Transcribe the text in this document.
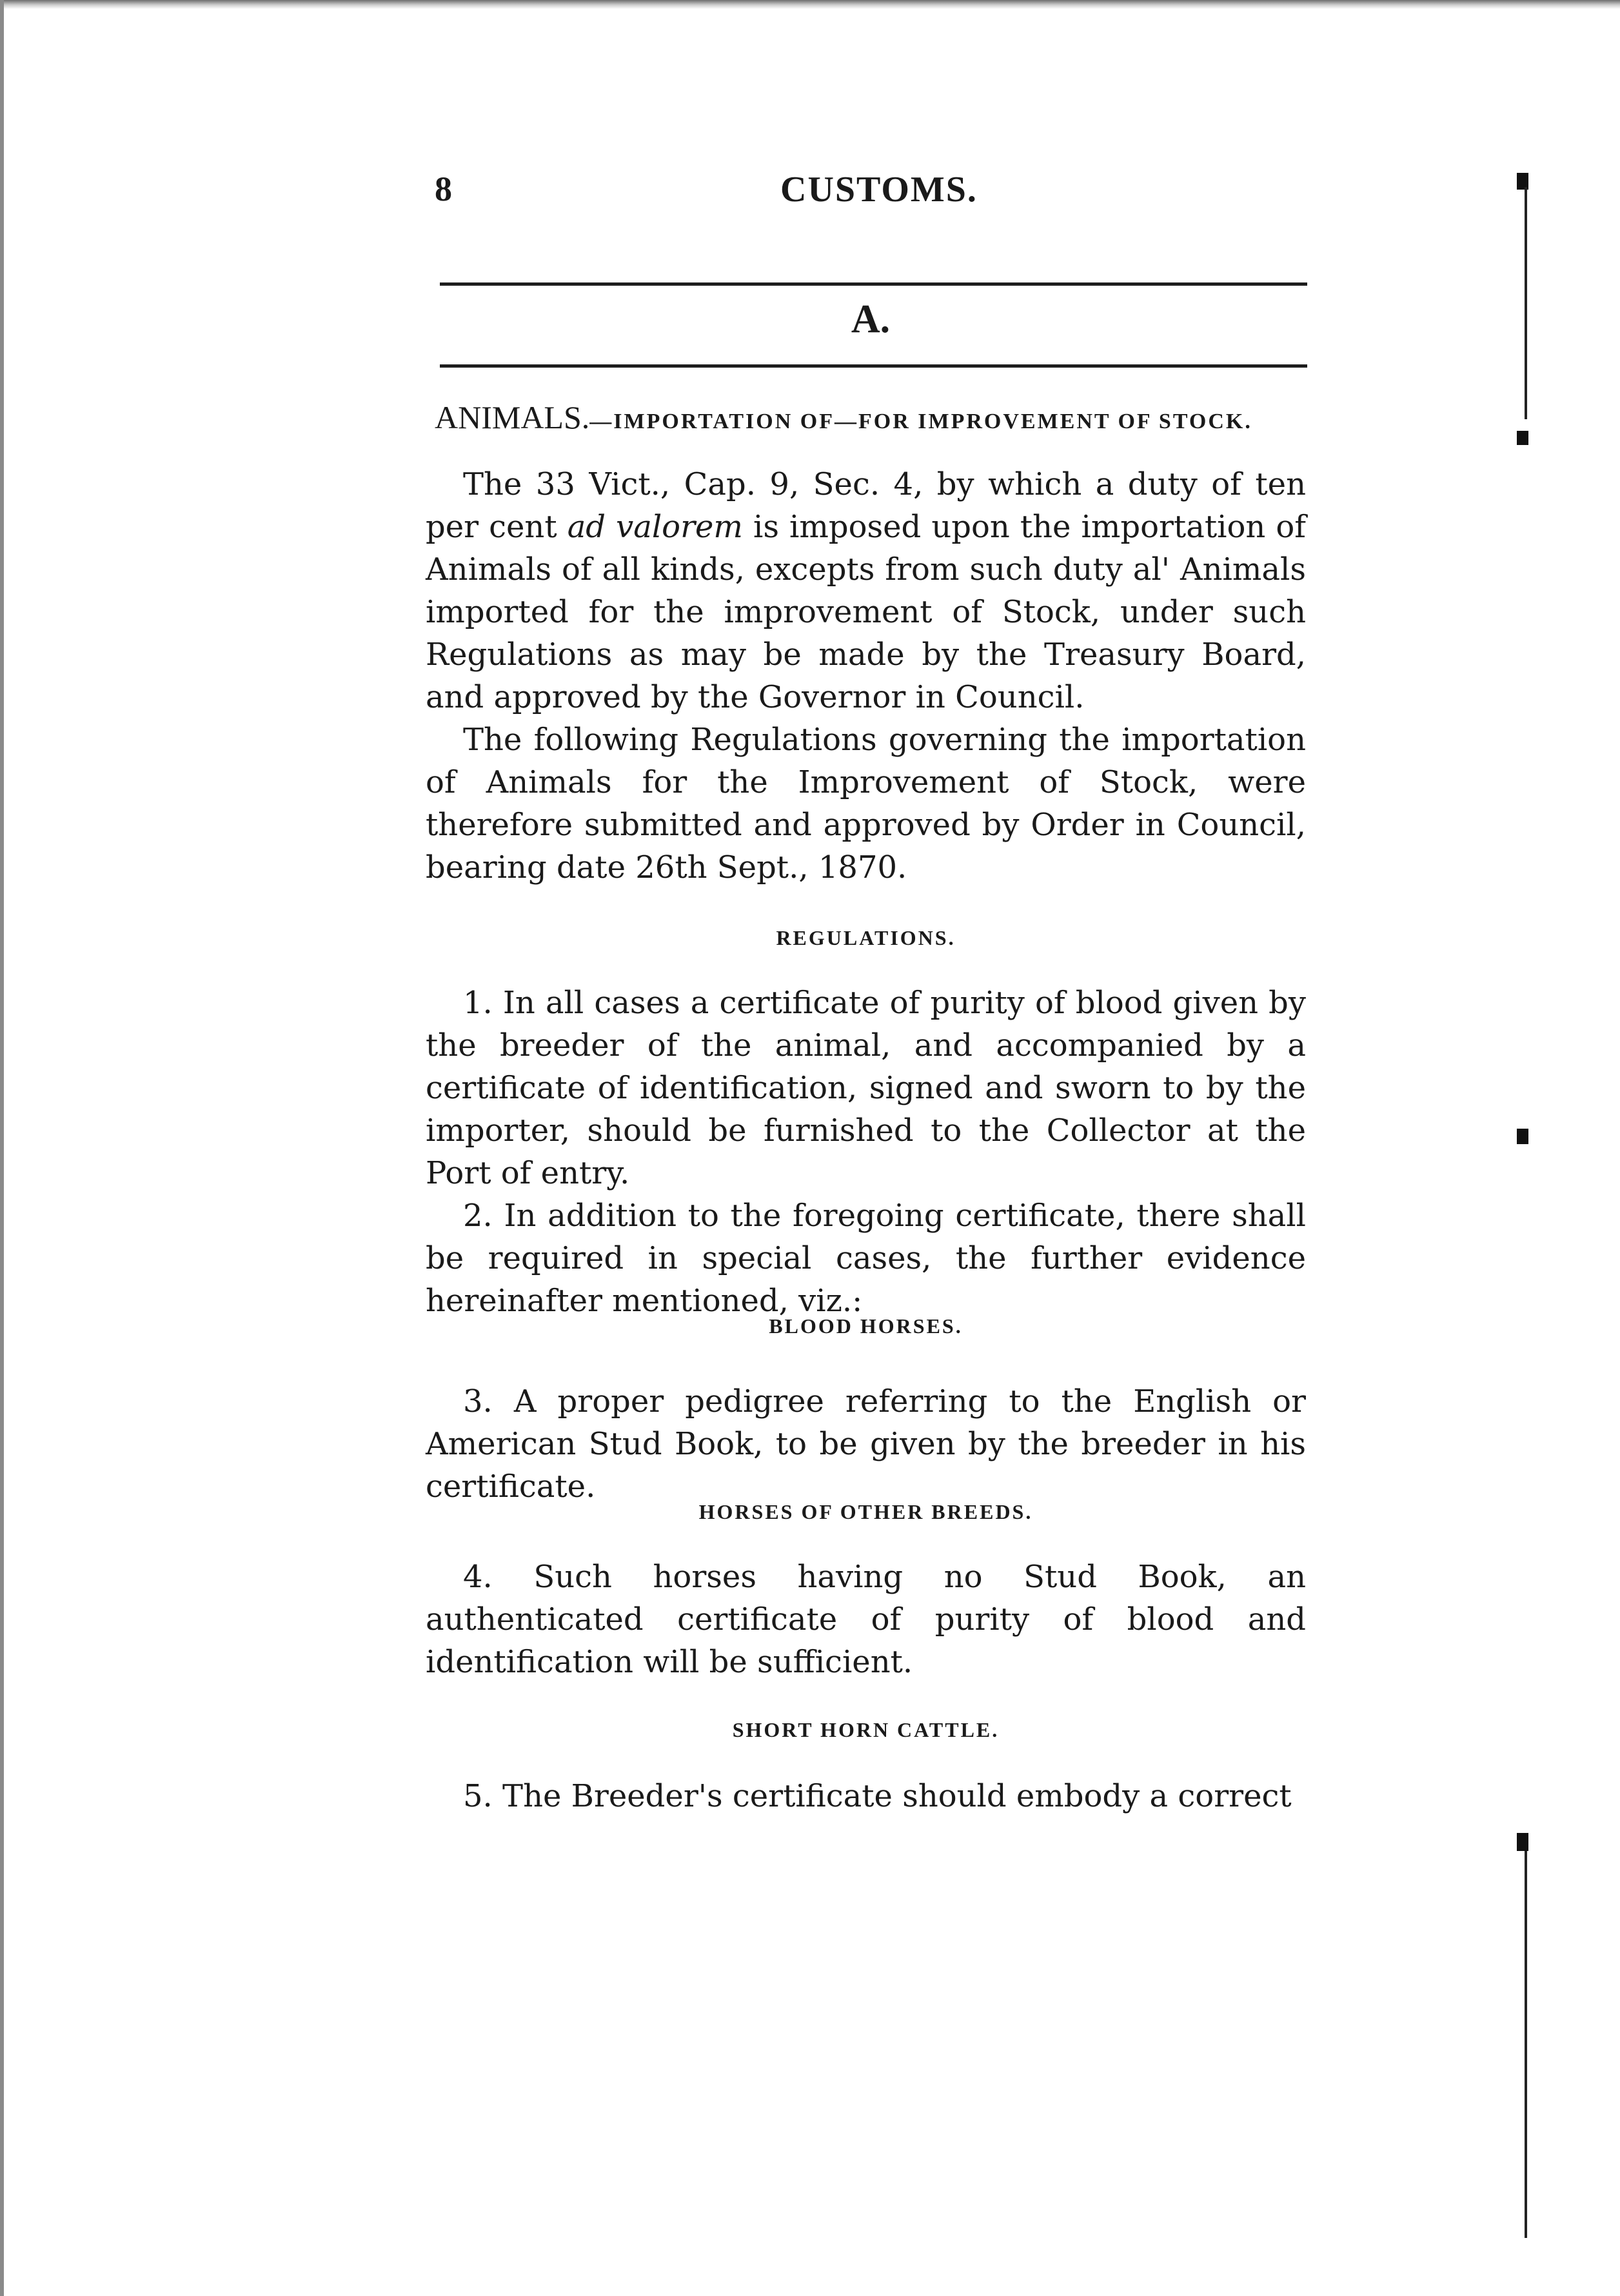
8	CUSTOMS.
A.
ANIMALS.—IMPORTATION OF—FOR IMPROVEMENT OF STOCK.

The 33 Vict., Cap. 9, Sec. 4, by which a duty of ten per cent ad valorem is imposed upon the importation of Animals of all kinds, excepts from such duty al' Animals imported for the improvement of Stock, under such Regulations as may be made by the Treasury Board, and approved by the Governor in Council.

The following Regulations governing the importation of Animals for the Improvement of Stock, were therefore submitted and approved by Order in Council, bearing date 26th Sept., 1870.

REGULATIONS.

1. In all cases a certificate of purity of blood given by the breeder of the animal, and accompanied by a certificate of identification, signed and sworn to by the importer, should be furnished to the Collector at the Port of entry.

2. In addition to the foregoing certificate, there shall be required in special cases, the further evidence hereinafter mentioned, viz.:

BLOOD HORSES.

3. A proper pedigree referring to the English or American Stud Book, to be given by the breeder in his certificate.

HORSES OF OTHER BREEDS.

4. Such horses having no Stud Book, an authenticated certificate of purity of blood and identification will be sufficient.

SHORT HORN CATTLE.

5. The Breeder's certificate should embody a correct
